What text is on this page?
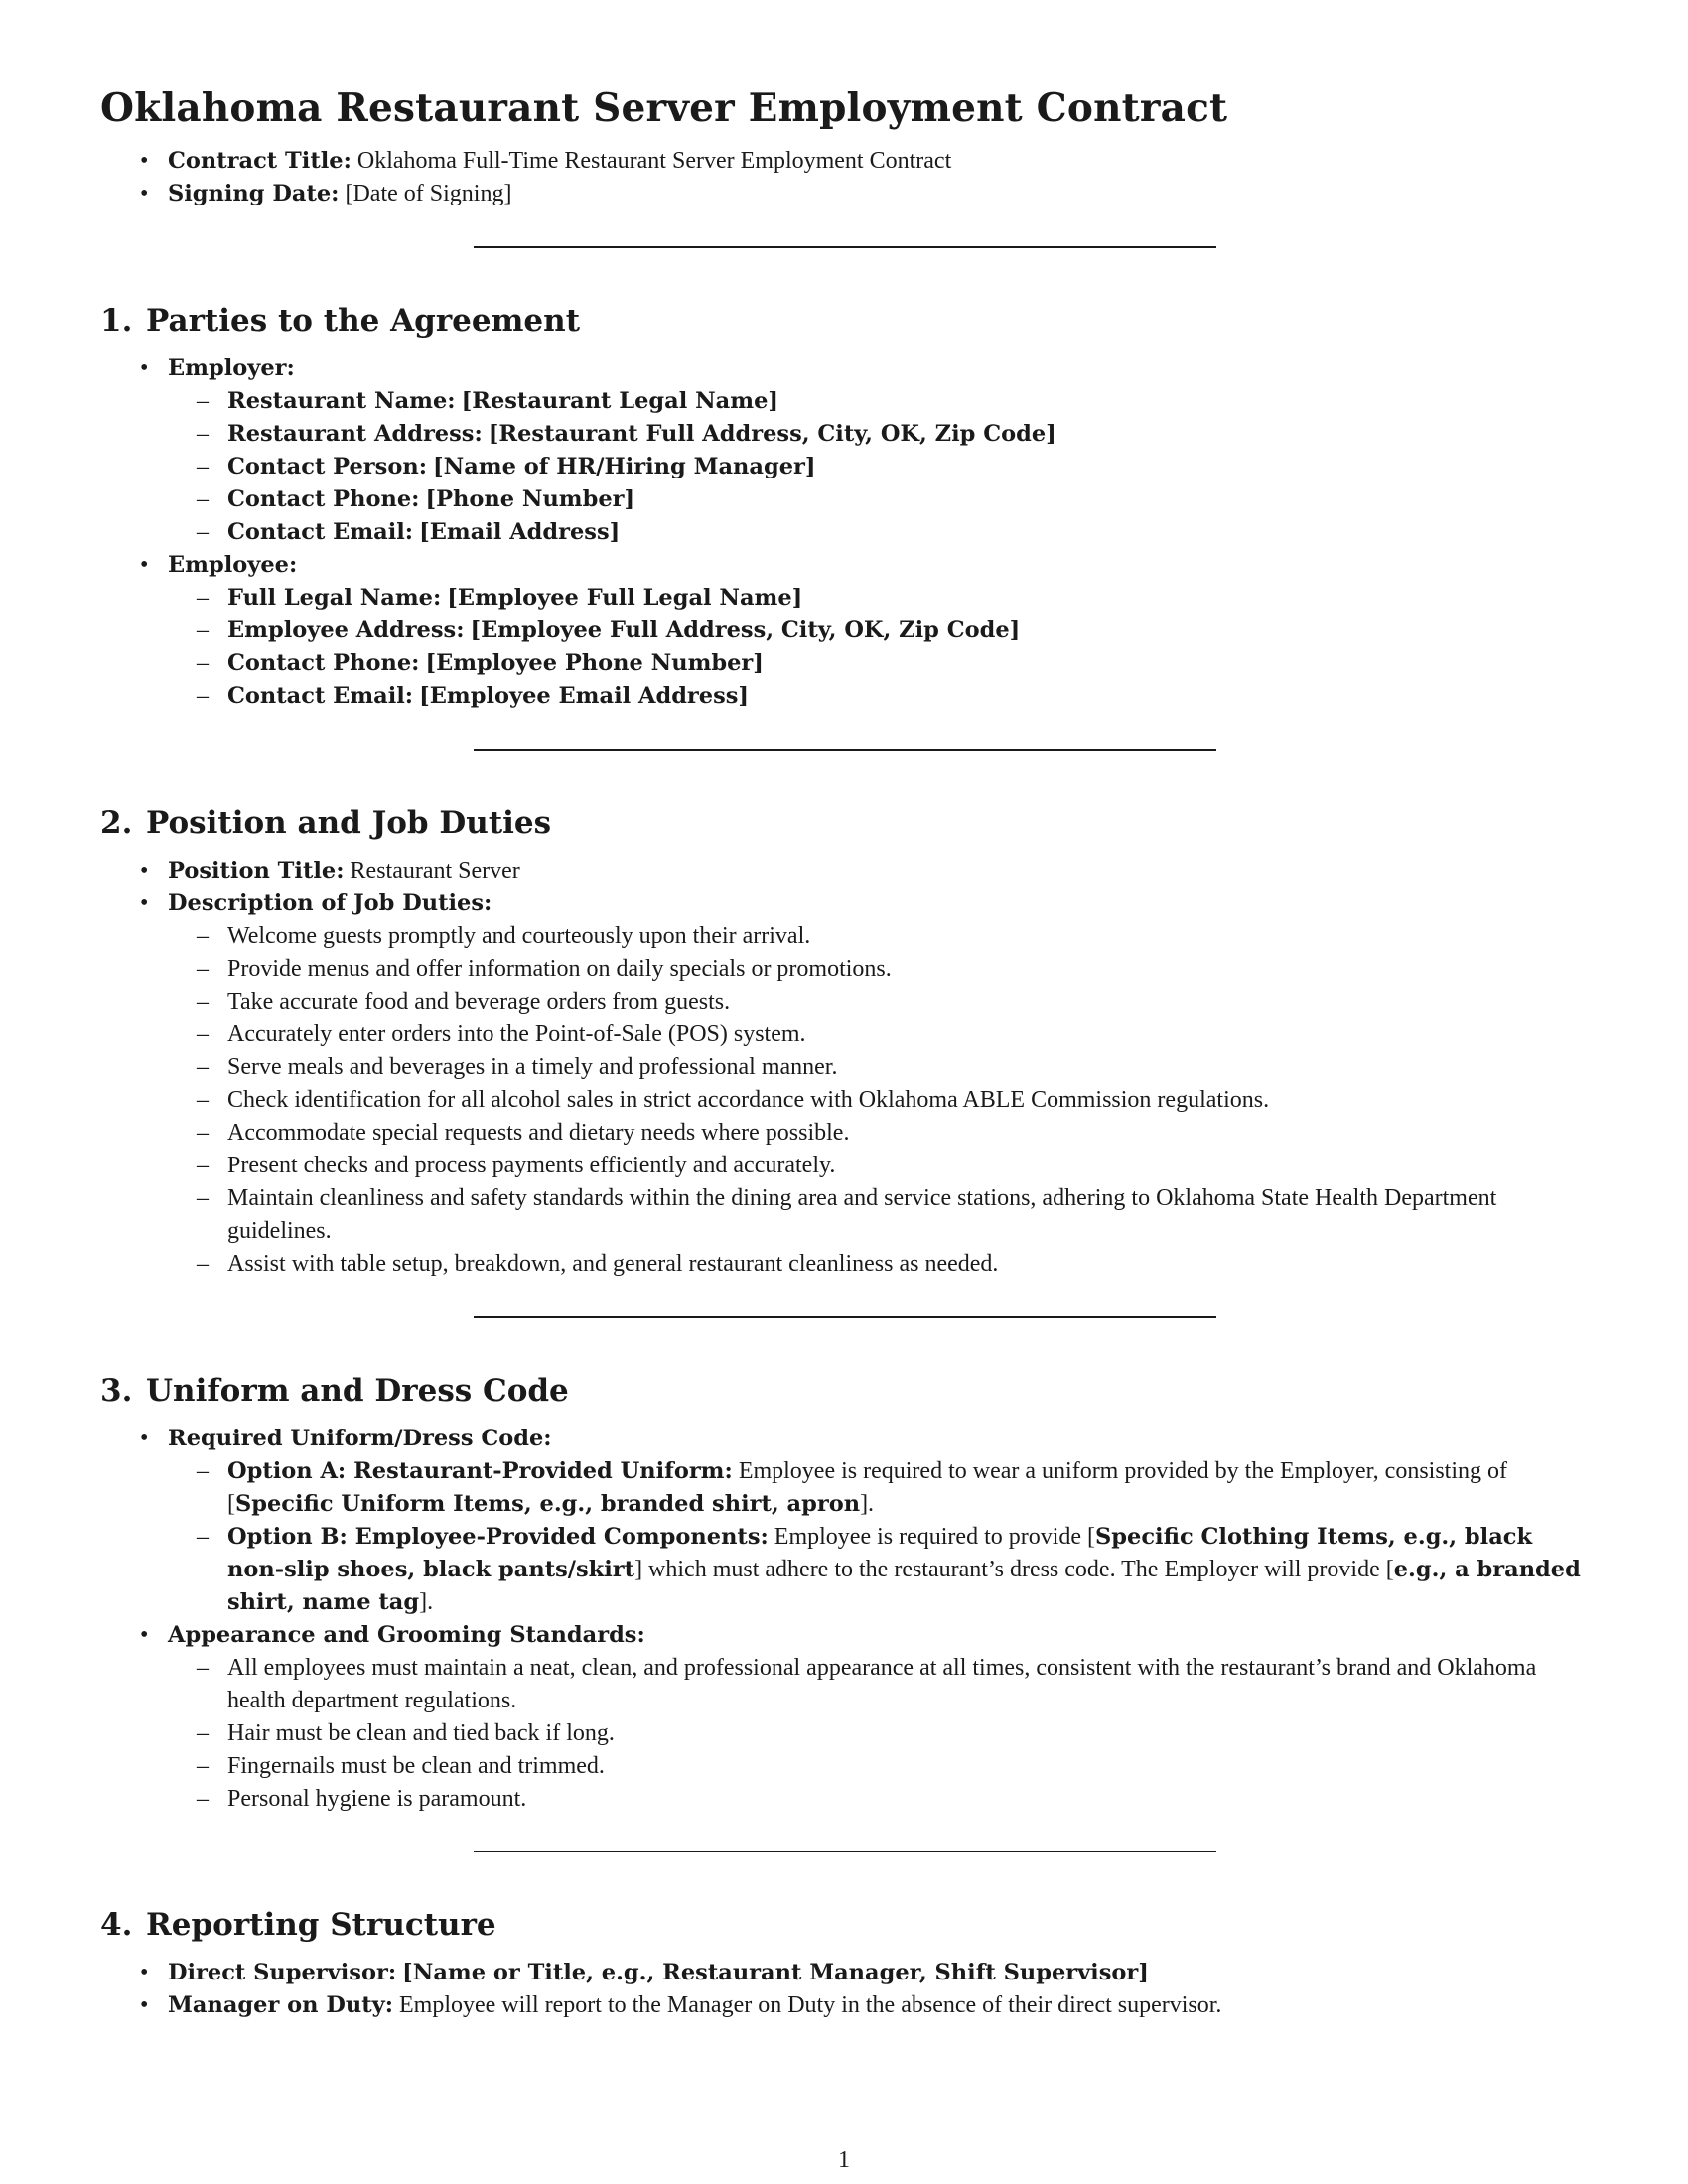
Oklahoma Restaurant Server Employment Contract
• Contract Title: Oklahoma Full-Time Restaurant Server Employment Contract
• Signing Date: [Date of Signing]
1. Parties to the Agreement
• Employer:
– Restaurant Name: [Restaurant Legal Name]
– Restaurant Address: [Restaurant Full Address, City, OK, Zip Code]
– Contact Person: [Name of HR/Hiring Manager]
– Contact Phone: [Phone Number]
– Contact Email: [Email Address]
• Employee:
– Full Legal Name: [Employee Full Legal Name]
– Employee Address: [Employee Full Address, City, OK, Zip Code]
– Contact Phone: [Employee Phone Number]
– Contact Email: [Employee Email Address]
2. Position and Job Duties
• Position Title: Restaurant Server
• Description of Job Duties:
– Welcome guests promptly and courteously upon their arrival.
– Provide menus and offer information on daily specials or promotions.
– Take accurate food and beverage orders from guests.
– Accurately enter orders into the Point-of-Sale (POS) system.
– Serve meals and beverages in a timely and professional manner.
– Check identification for all alcohol sales in strict accordance with Oklahoma ABLE Commission regulations.
– Accommodate special requests and dietary needs where possible.
– Present checks and process payments efficiently and accurately.
– Maintain cleanliness and safety standards within the dining area and service stations, adhering to Oklahoma State Health Department guidelines.
– Assist with table setup, breakdown, and general restaurant cleanliness as needed.
3. Uniform and Dress Code
• Required Uniform/Dress Code:
– Option A: Restaurant-Provided Uniform: Employee is required to wear a uniform provided by the Employer, consisting of [Specific Uniform Items, e.g., branded shirt, apron].
– Option B: Employee-Provided Components: Employee is required to provide [Specific Clothing Items, e.g., black non-slip shoes, black pants/skirt] which must adhere to the restaurant’s dress code. The Employer will provide [e.g., a branded shirt, name tag].
• Appearance and Grooming Standards:
– All employees must maintain a neat, clean, and professional appearance at all times, consistent with the restaurant’s brand and Oklahoma health department regulations.
– Hair must be clean and tied back if long.
– Fingernails must be clean and trimmed.
– Personal hygiene is paramount.
4. Reporting Structure
• Direct Supervisor: [Name or Title, e.g., Restaurant Manager, Shift Supervisor]
• Manager on Duty: Employee will report to the Manager on Duty in the absence of their direct supervisor.
1
